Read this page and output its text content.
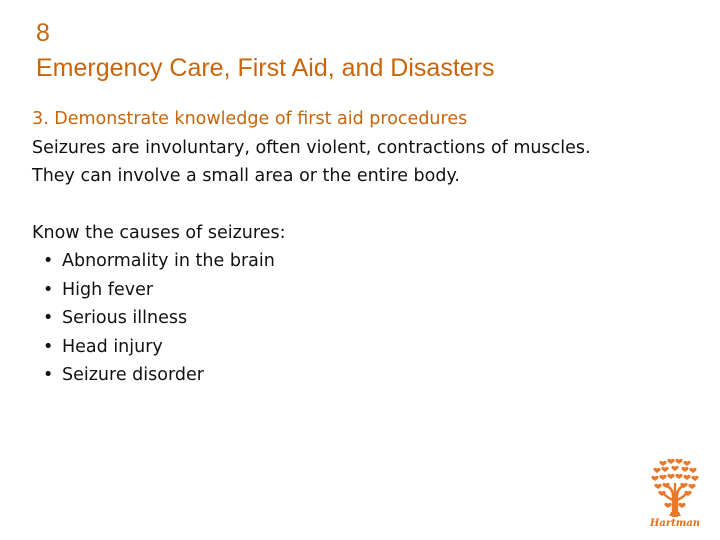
8
Emergency Care, First Aid, and Disasters
3. Demonstrate knowledge of first aid procedures
Seizures are involuntary, often violent, contractions of muscles.
They can involve a small area or the entire body.
Know the causes of seizures:
• Abnormality in the brain
• High fever
• Serious illness
• Head injury
• Seizure disorder
Hartman
